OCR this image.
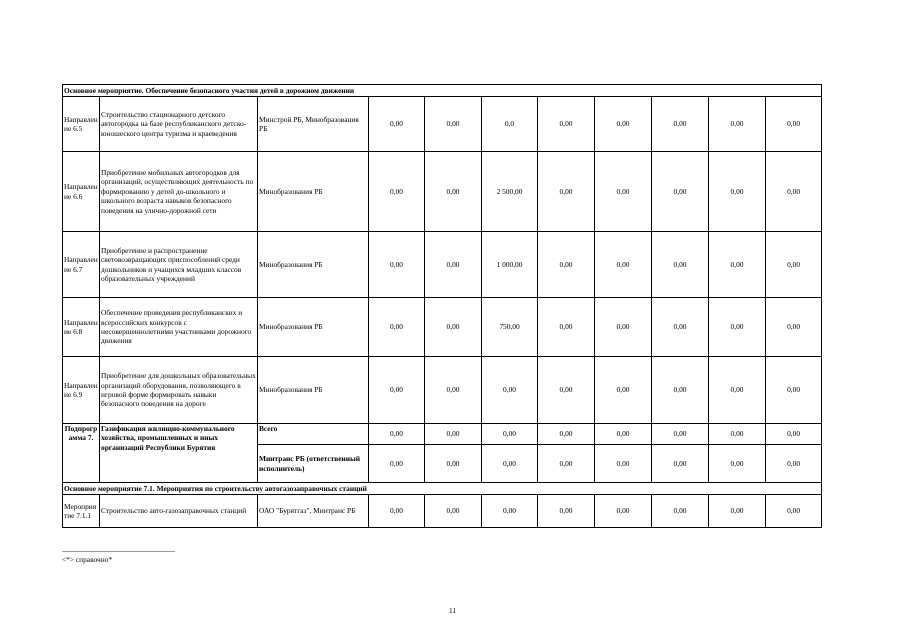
Основное мероприятие. Обеспечение безопасного участия детей в дорожном движении										
Направление 6.5	Строительство стационарного детского автогородка на базе республиканского детско-юношеского центра туризма и краеведения	Минстрой РБ, Минобразования РБ	0,00	0,00	0,0	0,00	0,00	0,00	0,00	0,00
Направление 6.6	Приобретение мобильных автогородков для организаций, осуществляющих деятельность по формированию у детей до-школьного и школьного возраста навыков безопасного поведения на улично-дорожной сети	Минобразования РБ	0,00	0,00	2 500,00	0,00	0,00	0,00	0,00	0,00
Направление 6.7	Приобретение и распространение световозвращающих приспособлений среди дошкольников и учащихся младших классов образовательных учреждений	Минобразования РБ	0,00	0,00	1 000,00	0,00	0,00	0,00	0,00	0,00
Направление 6.8	Обеспечение проведения республиканских и всероссийских конкурсов с несовершеннолетними участниками дорожного движения	Минобразования РБ	0,00	0,00	750,00	0,00	0,00	0,00	0,00	0,00
Направление 6.9	Приобретение для дошкольных образовательных организаций оборудования, позволяющего в игровой форме формировать навыки безопасного поведения на дороге	Минобразования РБ	0,00	0,00	0,00	0,00	0,00	0,00	0,00	0,00
Подпрограмма 7.	Газификация жилищно-коммунального хозяйства, промышленных и иных организаций Республики Бурятия	Всего	0,00	0,00	0,00	0,00	0,00	0,00	0,00	0,00
		Минтранс РБ (ответственный исполнитель)	0,00	0,00	0,00	0,00	0,00	0,00	0,00	0,00
Основное мероприятие 7.1. Мероприятия по строительству автогазозаправочных станций										
Мероприятие 7.1.1	Строительство авто-газозаправочных станций	ОАО "Бурятгаз", Минтранс РБ	0,00	0,00	0,00	0,00	0,00	0,00	0,00	0,00
<*> справочно*
11
